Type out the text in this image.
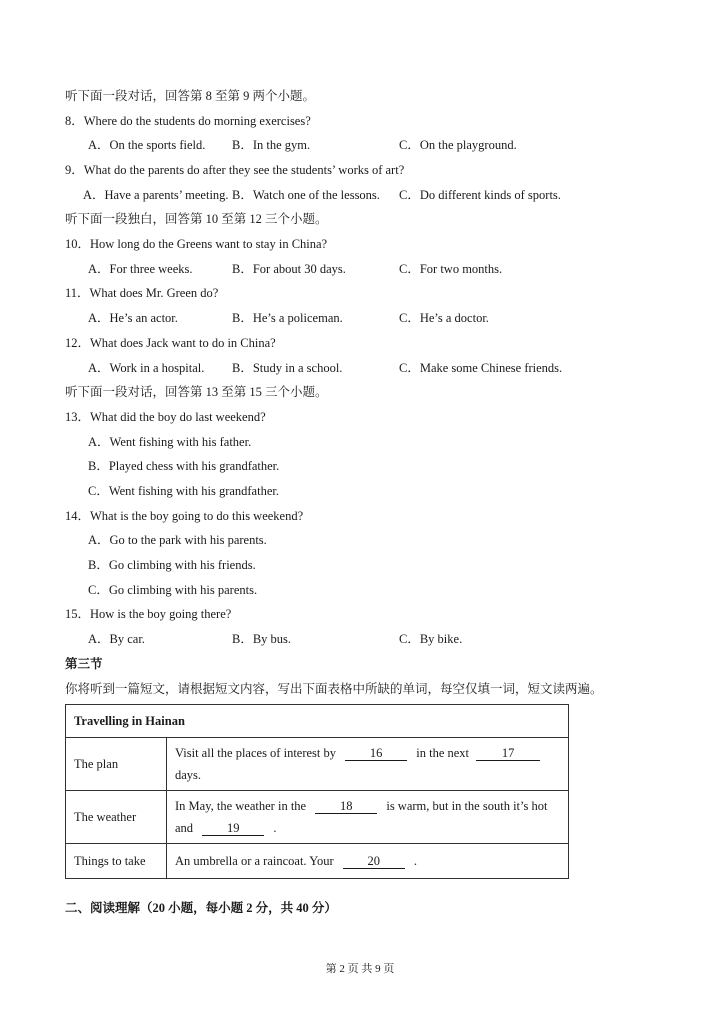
听下面一段对话，回答第 8 至第 9 两个小题。
8．Where do the students do morning exercises?
A．On the sports field. B．In the gym.	C．On the playground.
9．What do the parents do after they see the students’ works of art?
A．Have a parents’ meeting. B．Watch one of the lessons. C．Do different kinds of sports.
听下面一段独白，回答第 10 至第 12 三个小题。
10．How long do the Greens want to stay in China?
A．For three weeks.	B．For about 30 days.	C．For two months.
11．What does Mr. Green do?
A．He’s an actor.	B．He’s a policeman.	C．He’s a doctor.
12．What does Jack want to do in China?
A．Work in a hospital. B．Study in a school.	C．Make some Chinese friends.
听下面一段对话，回答第 13 至第 15 三个小题。
13．What did the boy do last weekend?
A．Went fishing with his father.
B．Played chess with his grandfather.
C．Went fishing with his grandfather.
14．What is the boy going to do this weekend?
A．Go to the park with his parents.
B．Go climbing with his friends.
C．Go climbing with his parents.
15．How is the boy going there?
A．By car.	B．By bus.	C．By bike.
第三节
你将听到一篇短文，请根据短文内容，写出下面表格中所缺的单词，每空仅填一词，短文读两遍。
Travelling in Hainan	
The plan	Visit all the places of interest by 16 in the next 17
days.

The weather	In May, the weather in the 18 is warm, but in the south it’s hot
and 19 .

Things to take	An umbrella or a raincoat. Your 20 .
二、阅读理解（20 小题，每小题 2 分，共 40 分）
第 2 页 共 9 页
